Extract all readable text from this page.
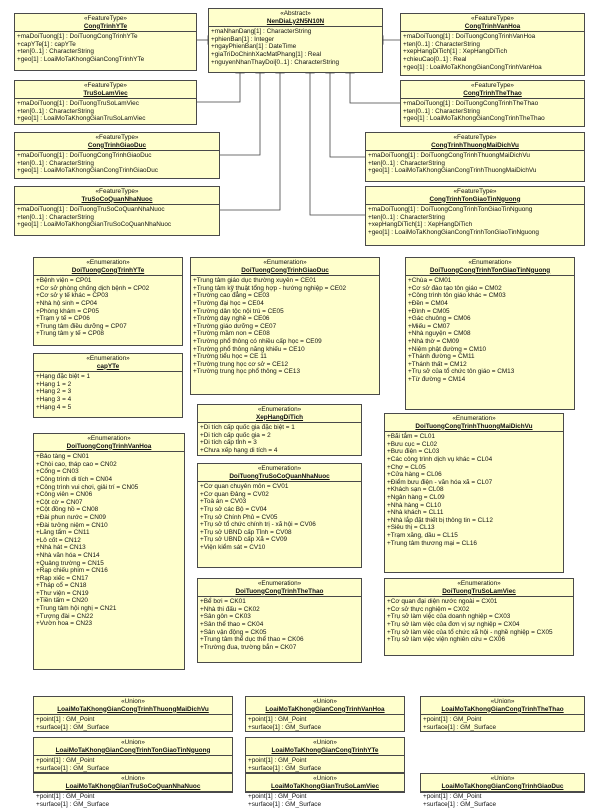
«FeatureType»
CongTrinhYTe
+maDoiTuong[1] : DoiTuongCongTrinhYTe
+capYTe[1] : capYTe
+ten[0..1] : CharacterString
+geo[1] : LoaiMoTaKhongGianCongTrinhYTe
«Abstract»
NenDiaLy2N5N10N
+maNhanDang[1] : CharacterString
+phienBan[1] : Integer
+ngayPhienBan[1] : DateTime
+giaTriDoChinhXacMatPhang[1] : Real
+nguyenNhanThayDoi[0..1] : CharacterString
«FeatureType»
CongTrinhVanHoa
+maDoiTuong[1] : DoiTuongCongTrinhVanHoa
+ten[0..1] : CharacterString
+xepHangDiTich[1] : XepHangDiTich
+chieuCao[0..1] : Real
+geo[1] : LoaiMoTaKhongGianCongTrinhVanHoa
«FeatureType»
TruSoLamViec
+maDoiTuong[1] : DoiTuongTruSoLamViec
+ten[0..1] : CharacterString
+geo[1] : LoaiMoTaKhongGianTruSoLamViec
«FeatureType»
CongTrinhTheThao
+maDoiTuong[1] : DoiTuongCongTrinhTheThao
+ten[0..1] : CharacterString
+geo[1] : LoaiMoTaKhongGianCongTrinhTheThao
«FeatureType»
CongTrinhGiaoDuc
+maDoiTuong[1] : DoiTuongCongTrinhGiaoDuc
+ten[0..1] : CharacterString
+geo[1] : LoaiMoTaKhongGianCongTrinhGiaoDuc
«FeatureType»
CongTrinhThuongMaiDichVu
+maDoiTuong[1] : DoiTuongCongTrinhThuongMaiDichVu
+ten[0..1] : CharacterString
+geo[1] : LoaiMoTaKhongGianCongTrinhThuongMaiDichVu
«FeatureType»
TruSoCoQuanNhaNuoc
+maDoiTuong[1] : DoiTuongTruSoCoQuanNhaNuoc
+ten[0..1] : CharacterString
+geo[1] : LoaiMoTaKhongGianTruSoCoQuanNhaNuoc
«FeatureType»
CongTrinhTonGiaoTinNguong
+maDoiTuong[1] : DoiTuongCongTrinhTonGiaoTinNguong
+ten[0..1] : CharacterString
+xepHangDiTich[1] : XepHangDiTich
+geo[1] : LoaiMoTaKhongGianCongTrinhTonGiaoTinNguong
«Enumeration»
DoiTuongCongTrinhYTe
+Bệnh viện = CP01
+Cơ sở phòng chống dịch bệnh = CP02
+Cơ sở y tế khác = CP03
+Nhà hộ sinh = CP04
+Phòng khám = CP05
+Trạm y tế = CP06
+Trung tâm điều dưỡng = CP07
+Trung tâm y tế = CP08
«Enumeration»
DoiTuongCongTrinhGiaoDuc
+Trung tâm giáo dục thường xuyên = CE01
+Trung tâm kỹ thuật tổng hợp - hướng nghiệp = CE02
+Trường cao đẳng = CE03
+Trường đại học = CE04
+Trường dân tộc nội trú = CE05
+Trường dạy nghề = CE06
+Trường giáo dưỡng = CE07
+Trường mầm non = CE08
+Trường phổ thông có nhiều cấp học = CE09
+Trường phổ thông năng khiếu = CE10
+Trường tiểu học = CE 11
+Trường trung học cơ sở = CE12
+Trường trung học phổ thông = CE13
«Enumeration»
DoiTuongCongTrinhTonGiaoTinNguong
+Chùa = CM01
+Cơ sở đào tạo tôn giáo = CM02
+Công trình tôn giáo khác = CM03
+Đền = CM04
+Đình = CM05
+Gác chuông = CM06
+Miếu = CM07
+Nhà nguyện = CM08
+Nhà thờ = CM09
+Niệm phật đường = CM10
+Thánh đường = CM11
+Thánh thất = CM12
+Trụ sở của tổ chức tôn giáo = CM13
+Từ đường = CM14
«Enumeration»
capYTe
+Hạng đặc biệt = 1
+Hạng 1 = 2
+Hạng 2 = 3
+Hạng 3 = 4
+Hạng 4 = 5	«Enumeration»
XepHangDiTich
+Di tích cấp quốc gia đặc biệt = 1
+Di tích cấp quốc gia = 2
+Di tích cấp tỉnh = 3
+Chưa xếp hạng di tích = 4
«Enumeration»
DoiTuongCongTrinhThuongMaiDichVu
+Bãi tắm = CL01
+Bưu cục = CL02
+Bưu điện = CL03
+Các công trình dịch vụ khác = CL04
+Chợ = CL05
+Cửa hàng = CL06
+Điểm bưu điện - văn hóa xã = CL07
+Khách sạn = CL08
+Ngân hàng = CL09
+Nhà hàng = CL10
+Nhà khách = CL11
+Nhà lắp đặt thiết bị thông tin = CL12
+Siêu thị = CL13
+Trạm xăng, dầu = CL15
+Trung tâm thương mại = CL16
«Enumeration»
DoiTuongCongTrinhVanHoa
+Bảo tàng = CN01
+Chòi cao, tháp cao = CN02
+Cổng = CN03
+Công trình di tích = CN04
+Công trình vui chơi, giải trí = CN05
+Công viên = CN06
+Cột cờ = CN07
+Cột đồng hồ = CN08
+Đài phun nước = CN09
+Đài tưởng niệm = CN10
+Lăng tẩm = CN11
+Lô cốt = CN12
+Nhà hát = CN13
+Nhà văn hóa = CN14
+Quảng trường = CN15
+Rạp chiếu phim = CN16
+Rạp xiếc = CN17
+Tháp cổ = CN18
+Thư viện = CN19
+Tiền tấm = CN20
+Trung tâm hội nghị = CN21
+Tượng đài = CN22
+Vườn hoa = CN23
«Enumeration»
DoiTuongTruSoCoQuanNhaNuoc
+Cơ quan chuyên môn = CV01
+Cơ quan Đảng = CV02
+Toà án = CV03
+Trụ sở các Bộ = CV04
+Trụ sở Chính Phủ = CV05
+Trụ sở tổ chức chính trị - xã hội = CV06
+Trụ sở UBND cấp Tỉnh = CV08
+Trụ sở UBND cấp Xã = CV09
+Viện kiểm sát = CV10
«Enumeration»
DoiTuongCongTrinhTheThao
+Bể bơi = CK01
+Nhà thi đấu = CK02
+Sân gôn = CK03
+Sân thể thao = CK04
+Sân vận động = CK05
+Trung tâm thể dục thể thao = CK06
+Trường đua, trường bắn = CK07
«Enumeration»
DoiTuongTruSoLamViec
+Cơ quan đại diện nước ngoài = CX01
+Cơ sở thực nghiệm = CX02
+Trụ sở làm việc của doanh nghiệp = CX03
+Trụ sở làm việc của đơn vị sự nghiệp = CX04
+Trụ sở làm việc của tổ chức xã hội - nghề nghiệp = CX05
+Trụ sở làm việc viện nghiên cứu = CX06
«Union»
LoaiMoTaKhongGianCongTrinhThuongMaiDichVu
+point[1] : GM_Point
+surface[1] : GM_Surface
«Union»
LoaiMoTaKhongGianCongTrinhVanHoa
+point[1] : GM_Point
+surface[1] : GM_Surface
«Union»
LoaiMoTaKhongGianCongTrinhTheThao
+point[1] : GM_Point
+surface[1] : GM_Surface
«Union»
LoaiMoTaKhongGianCongTrinhTonGiaoTinNguong
+point[1] : GM_Point
+surface[1] : GM_Surface
«Union»
LoaiMoTaKhongGianCongTrinhYTe
+point[1] : GM_Point
+surface[1] : GM_Surface
«Union»
LoaiMoTaKhongGianTruSoCoQuanNhaNuoc
+point[1] : GM_Point
+surface[1] : GM_Surface
«Union»
LoaiMoTaKhongGianTruSoLamViec
+point[1] : GM_Point
+surface[1] : GM_Surface
«Union»
LoaiMoTaKhongGianCongTrinhGiaoDuc
+point[1] : GM_Point
+surface[1] : GM_Surface
